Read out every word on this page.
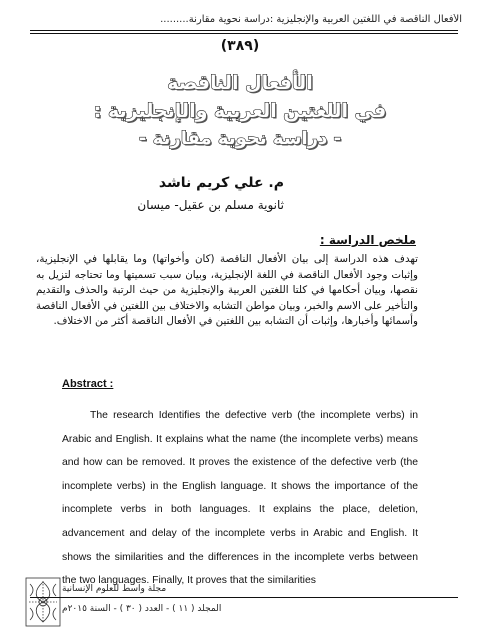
الأفعال الناقصة في اللغتين العربية والإنجليزية :دراسة نحوية مقارنة.........
(٣٨٩)
الأفعال الناقصة
في اللغتين العربية والإنجليزية :
- دراسة نحوية مقارنة -
م. علي كريم ناشد
ثانوية مسلم بن عقيل- ميسان
ملخص الدراسة :
تهدف هذه الدراسة إلى بيان الأفعال الناقصة (كان وأخواتها) وما يقابلها في الإنجليزية، وإثبات وجود الأفعال الناقصة في اللغة الإنجليزية، وبيان سبب تسميتها وما تحتاجه لتزيل به نقصها، وبيان أحكامها في كلتا اللغتين العربية والإنجليزية من حيث الرتبة والحذف والتقديم والتأخير على الاسم والخبر، وبيان مواطن التشابه والاختلاف بين اللغتين في الأفعال الناقصة وأسمائها وأخبارها، وإثبات أن التشابه بين اللغتين في الأفعال الناقصة أكثر من الاختلاف.
Abstract :
The research Identifies the defective verb (the incomplete verbs) in Arabic and English. It explains what the name (the incomplete verbs) means and how can be removed. It proves the existence of the defective verb (the incomplete verbs) in the English language. It shows the importance of the incomplete verbs in both languages. It explains the place, deletion, advancement and delay of the incomplete verbs in Arabic and English. It shows the similarities and the differences in the incomplete verbs between the two languages. Finally, It proves that the similarities
مجلة واسط للعلوم الإنسانية
المجلد ( ١١ ) - العدد ( ٣٠ ) - السنة ٢٠١٥م
